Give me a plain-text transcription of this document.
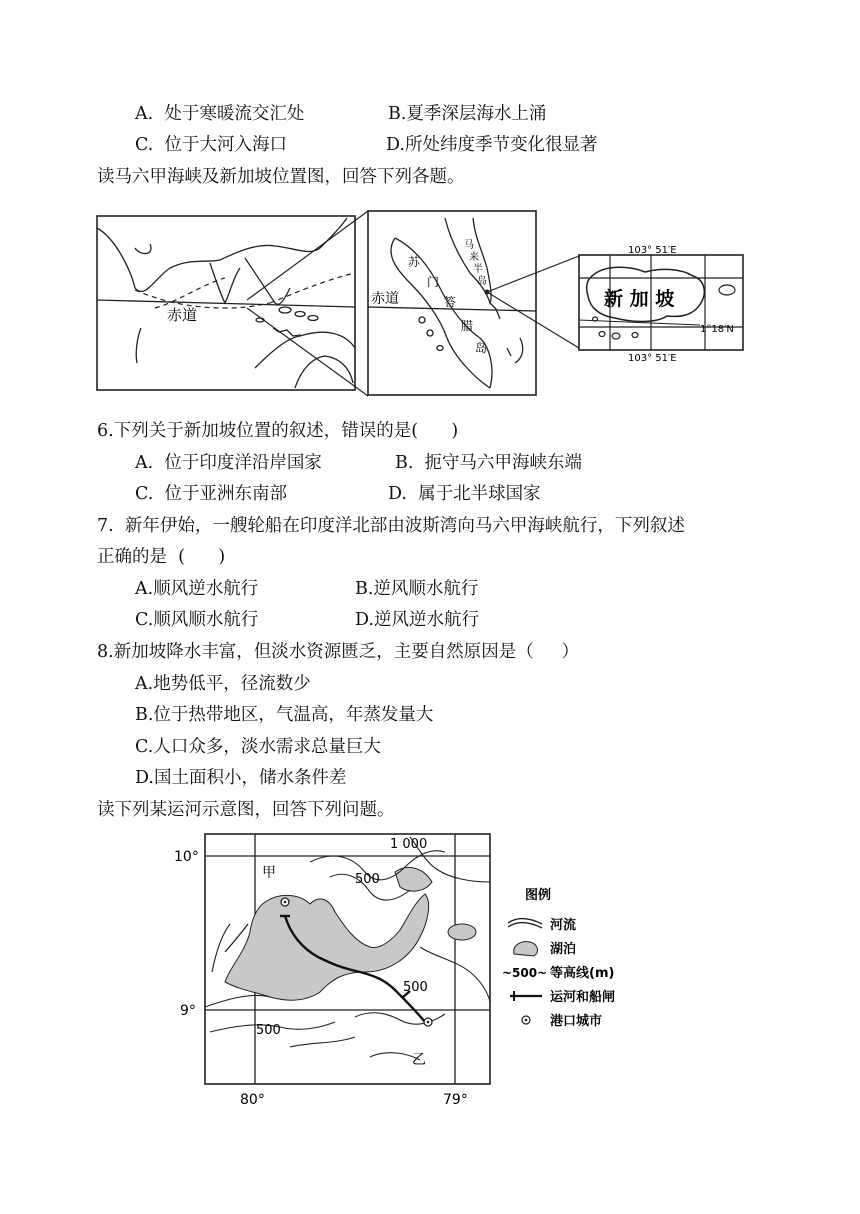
A.  处于寒暖流交汇处	B.夏季深层海水上涌
C.  位于大河入海口	D.所处纬度季节变化很显著
读马六甲海峡及新加坡位置图，回答下列各题。
赤道
赤道
苏
门
答
腊
岛
马
来
半
岛
103° 51′E
103° 51′E
1°18′N
新 加 坡
6.下列关于新加坡位置的叙述，错误的是(      )
A.  位于印度洋沿岸国家	B.  扼守马六甲海峡东端
C.  位于亚洲东南部	D.  属于北半球国家
7.  新年伊始，一艘轮船在印度洋北部由波斯湾向马六甲海峡航行，下列叙述
正确的是  (      )
A.顺风逆水航行	B.逆风顺水航行
C.顺风顺水航行	D.逆风逆水航行
8.新加坡降水丰富，但淡水资源匮乏，主要自然原因是（     ）
A.地势低平，径流数少
B.位于热带地区，气温高，年蒸发量大
C.人口众多，淡水需求总量巨大
D.国土面积小，储水条件差
读下列某运河示意图，回答下列问题。
10°
9°
80°	79°
甲
乙
1 000
500
500
500
图例
河流
湖泊
~500~ 等高线(m)
运河和船闸
港口城市
